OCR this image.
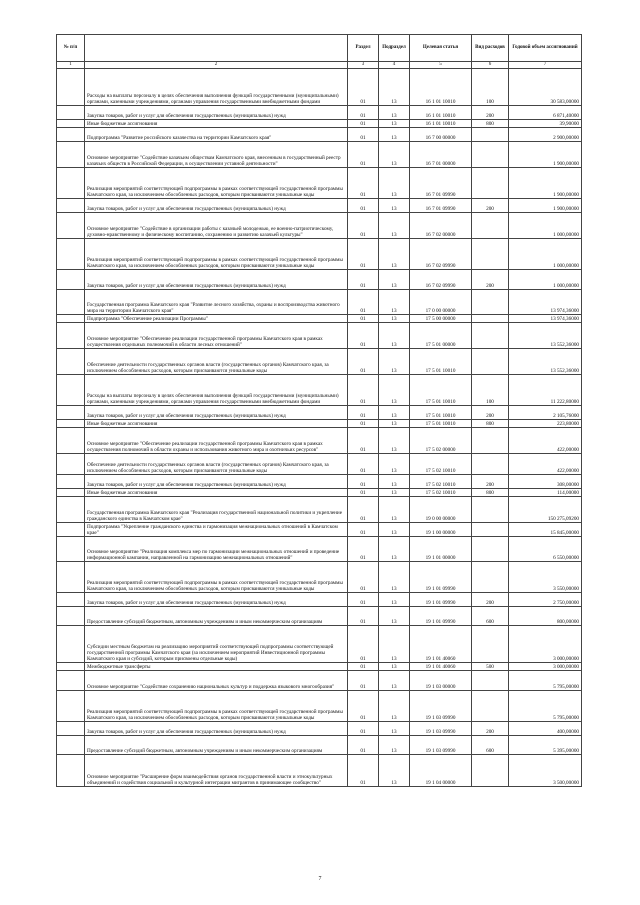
№ п/п		Раздел	Подраздел	Целевая статья	Вид расходов	Годовой объем ассигнований
1	2	3	4	5	6	7
	Расходы на выплаты персоналу в целях обеспечения выполнения функций государственными (муниципальными) органами, казенными учреждениями, органами управления государственными внебюджетными фондами	01	13	16 1 01 10010	100	30 583,00000
	Закупка товаров, работ и услуг для обеспечения государственных (муниципальных) нужд	01	13	16 1 01 10010	200	6 871,40000
	Иные бюджетные ассигнования	01	13	16 1 01 10010	800	39,90000
	Подпрограмма "Развитие российского казачества на территории Камчатского края"	01	13	16 7 00 00000		2 900,00000
	Основное мероприятие "Содействие казачьим обществам Камчатского края, внесенным в государственный реестр казачьих обществ в Российской Федерации, в осуществлении уставной деятельности"	01	13	16 7 01 00000		1 900,00000
	Реализация мероприятий соответствующей подпрограммы в рамках соответствующей государственной программы Камчатского края, за исключением обособленных расходов, которым присваиваются уникальные коды	01	13	16 7 01 09990		1 900,00000
	Закупка товаров, работ и услуг для обеспечения государственных (муниципальных) нужд	01	13	16 7 01 09990	200	1 900,00000
	Основное мероприятие "Содействие в организации работы с казачьей молодежью, ее военно-патриотическому, духовно-нравственному и физическому воспитанию, сохранению и развитию казачьей культуры"	01	13	16 7 02 00000		1 000,00000
	Реализация мероприятий соответствующей подпрограммы в рамках соответствующей государственной программы Камчатского края, за исключением обособленных расходов, которым присваиваются уникальные коды	01	13	16 7 02 09990		1 000,00000
	Закупка товаров, работ и услуг для обеспечения государственных (муниципальных) нужд	01	13	16 7 02 09990	200	1 000,00000
	Государственная программа Камчатского края "Развитие лесного хозяйства, охраны и воспроизводства животного мира на территории Камчатского края"	01	13	17 0 00 00000		13 974,36000
	Подпрограмма "Обеспечение реализации Программы"	01	13	17 5 00 00000		13 974,36000
	Основное мероприятие "Обеспечение реализации государственной программы Камчатского края в рамках осуществления отдельных полномочий в области лесных отношений"	01	13	17 5 01 00000		13 552,36000
	Обеспечение деятельности государственных органов власти (государственных органов) Камчатского края, за исключением обособленных расходов, которым присваиваются уникальные коды	01	13	17 5 01 10010		13 552,36000
	Расходы на выплаты персоналу в целях обеспечения выполнения функций государственными (муниципальными) органами, казенными учреждениями, органами управления государственными внебюджетными фондами	01	13	17 5 01 10010	100	11 222,80000
	Закупка товаров, работ и услуг для обеспечения государственных (муниципальных) нужд	01	13	17 5 01 10010	200	2 105,76000
	Иные бюджетные ассигнования	01	13	17 5 01 10010	800	223,80000
	Основное мероприятие "Обеспечение реализации государственной программы Камчатского края в рамках осуществления полномочий в области охраны и использования животного мира и охотничьих ресурсов"	01	13	17 5 02 00000		422,00000
	Обеспечение деятельности государственных органов власти (государственных органов) Камчатского края, за исключением обособленных расходов, которым присваиваются уникальные коды	01	13	17 5 02 10010		422,00000
	Закупка товаров, работ и услуг для обеспечения государственных (муниципальных) нужд	01	13	17 5 02 10010	200	308,00000
	Иные бюджетные ассигнования	01	13	17 5 02 10010	800	114,00000
	Государственная программа Камчатского края "Реализация государственной национальной политики и укрепление гражданского единства в Камчатском крае"	01	13	19 0 00 00000		150 275,09200
	Подпрограмма "Укрепление гражданского единства и гармонизация межнациональных отношений в Камчатском крае"	01	13	19 1 00 00000		15 845,00000
	Основное мероприятие "Реализация комплекса мер по гармонизации межнациональных отношений и проведение информационной кампании, направленной на гармонизацию межнациональных отношений"	01	13	19 1 01 00000		6 550,00000
	Реализация мероприятий соответствующей подпрограммы в рамках соответствующей государственной программы Камчатского края, за исключением обособленных расходов, которым присваиваются уникальные коды	01	13	19 1 01 09990		3 550,00000
	Закупка товаров, работ и услуг для обеспечения государственных (муниципальных) нужд	01	13	19 1 01 09990	200	2 750,00000
	Предоставление субсидий бюджетным, автономным учреждениям и иным некоммерческим организациям	01	13	19 1 01 09990	600	800,00000
	Субсидии местным бюджетам на реализацию мероприятий соответствующей подпрограммы соответствующей государственной программы Камчатского края (за исключением мероприятий Инвестиционной программы Камчатского края и субсидий, которым присвоены отдельные коды)	01	13	19 1 01 40060		3 000,00000
	Межбюджетные трансферты	01	13	19 1 01 40060	500	3 000,00000
	Основное мероприятие "Содействие сохранению национальных культур и поддержка языкового многообразия"	01	13	19 1 03 00000		5 795,00000
	Реализация мероприятий соответствующей подпрограммы в рамках соответствующей государственной программы Камчатского края, за исключением обособленных расходов, которым присваиваются уникальные коды	01	13	19 1 03 09990		5 795,00000
	Закупка товаров, работ и услуг для обеспечения государственных (муниципальных) нужд	01	13	19 1 03 09990	200	400,00000
	Предоставление субсидий бюджетным, автономным учреждениям и иным некоммерческим организациям	01	13	19 1 03 09990	600	5 395,00000
	Основное мероприятие "Расширение форм взаимодействия органов государственной власти и этнокультурных объединений и содействия социальной и культурной интеграции мигрантов в принимающее сообщество"	01	13	19 1 04 00000		3 500,00000
7
